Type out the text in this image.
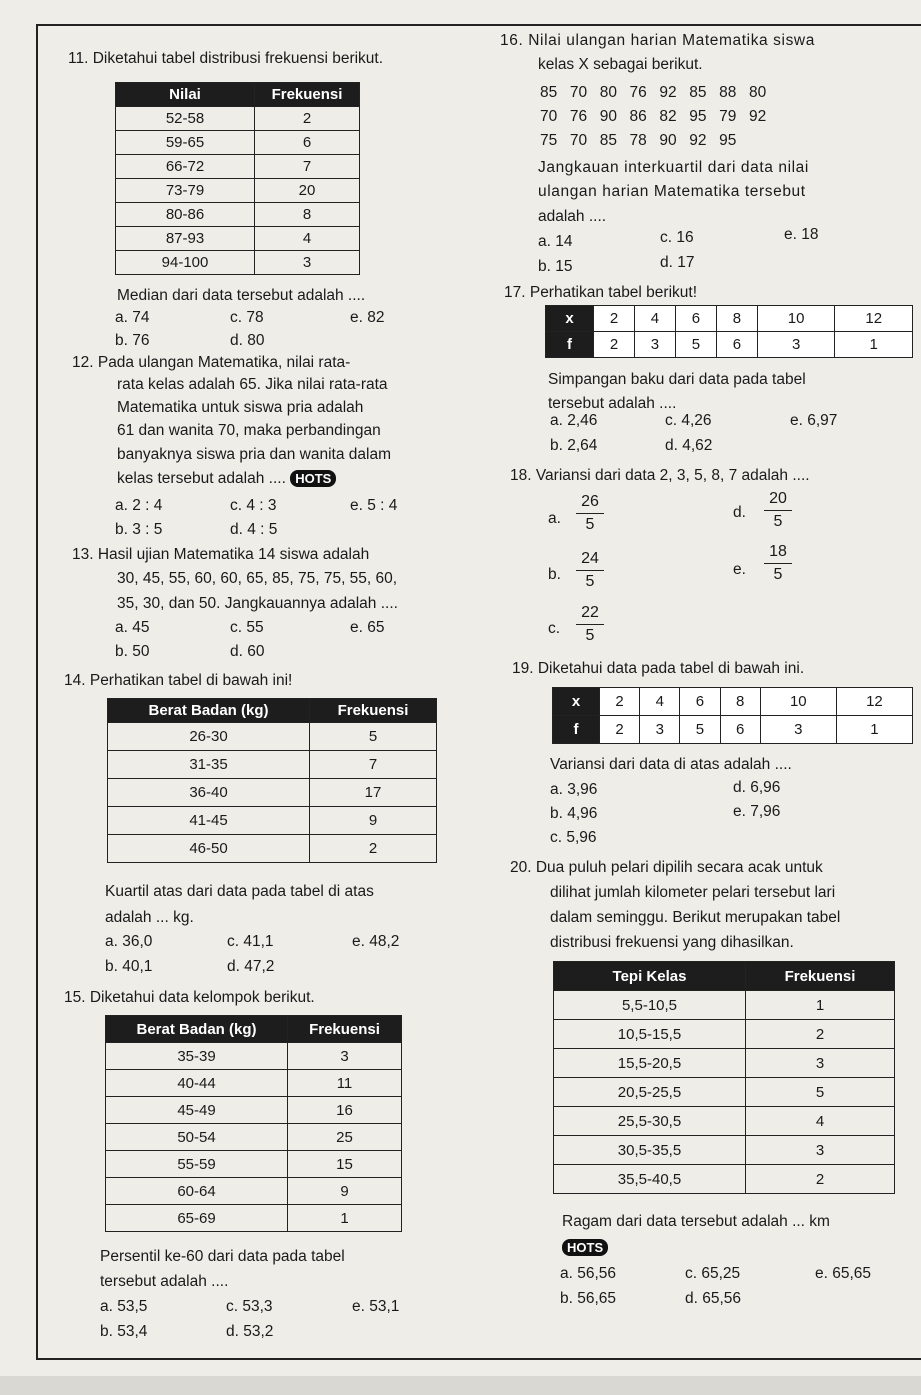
11. Diketahui tabel distribusi frekuensi berikut.
Nilai	Frekuensi
52-58	2
59-65	6
66-72	7
73-79	20
80-86	8
87-93	4
94-100	3
Median dari data tersebut adalah ....
a. 74	c. 78	e. 82
b. 76	d. 80
12. Pada ulangan Matematika, nilai rata-
rata kelas adalah 65. Jika nilai rata-rata
Matematika untuk siswa pria adalah
61 dan wanita 70, maka perbandingan
banyaknya siswa pria dan wanita dalam
kelas tersebut adalah .... HOTS
a. 2 : 4	c. 4 : 3	e. 5 : 4
b. 3 : 5	d. 4 : 5
13. Hasil ujian Matematika 14 siswa adalah
30, 45, 55, 60, 60, 65, 85, 75, 75, 55, 60,
35, 30, dan 50. Jangkauannya adalah ....
a. 45	c. 55	e. 65
b. 50	d. 60
14. Perhatikan tabel di bawah ini!
Berat Badan (kg)	Frekuensi
26-30	5
31-35	7
36-40	17
41-45	9
46-50	2
Kuartil atas dari data pada tabel di atas
adalah ... kg.
a. 36,0	c. 41,1	e. 48,2
b. 40,1	d. 47,2
15. Diketahui data kelompok berikut.
Berat Badan (kg)	Frekuensi
35-39	3
40-44	11
45-49	16
50-54	25
55-59	15
60-64	9
65-69	1
Persentil ke-60 dari data pada tabel
tersebut adalah ....
a. 53,5	c. 53,3	e. 53,1
b. 53,4	d. 53,2
16. Nilai ulangan harian Matematika siswa
kelas X sebagai berikut.
85  70  80  76  92  85  88  80
70  76  90  86  82  95  79  92
75  70  85  78  90  92  95
Jangkauan interkuartil dari data nilai
ulangan harian Matematika tersebut
adalah ....
a. 14	c. 16	e. 18
b. 15	d. 17
17. Perhatikan tabel berikut!
x	2	4	6	8	10	12
f	2	3	5	6	3	1
Simpangan baku dari data pada tabel
tersebut adalah ....
a. 2,46	c. 4,26	e. 6,97
b. 2,64	d. 4,62
18. Variansi dari data 2, 3, 5, 8, 7 adalah ....
a.
26
5
d.
20
5
b.
24
5
e.
18
5
c.
22
5
19. Diketahui data pada tabel di bawah ini.
x	2	4	6	8	10	12
f	2	3	5	6	3	1
Variansi dari data di atas adalah ....
a. 3,96	d. 6,96
b. 4,96	e. 7,96
c. 5,96
20. Dua puluh pelari dipilih secara acak untuk
dilihat jumlah kilometer pelari tersebut lari
dalam seminggu. Berikut merupakan tabel
distribusi frekuensi yang dihasilkan.
Tepi Kelas	Frekuensi
5,5-10,5	1
10,5-15,5	2
15,5-20,5	3
20,5-25,5	5
25,5-30,5	4
30,5-35,5	3
35,5-40,5	2
Ragam dari data tersebut adalah ... km
HOTS
a. 56,56	c. 65,25	e. 65,65
b. 56,65	d. 65,56
